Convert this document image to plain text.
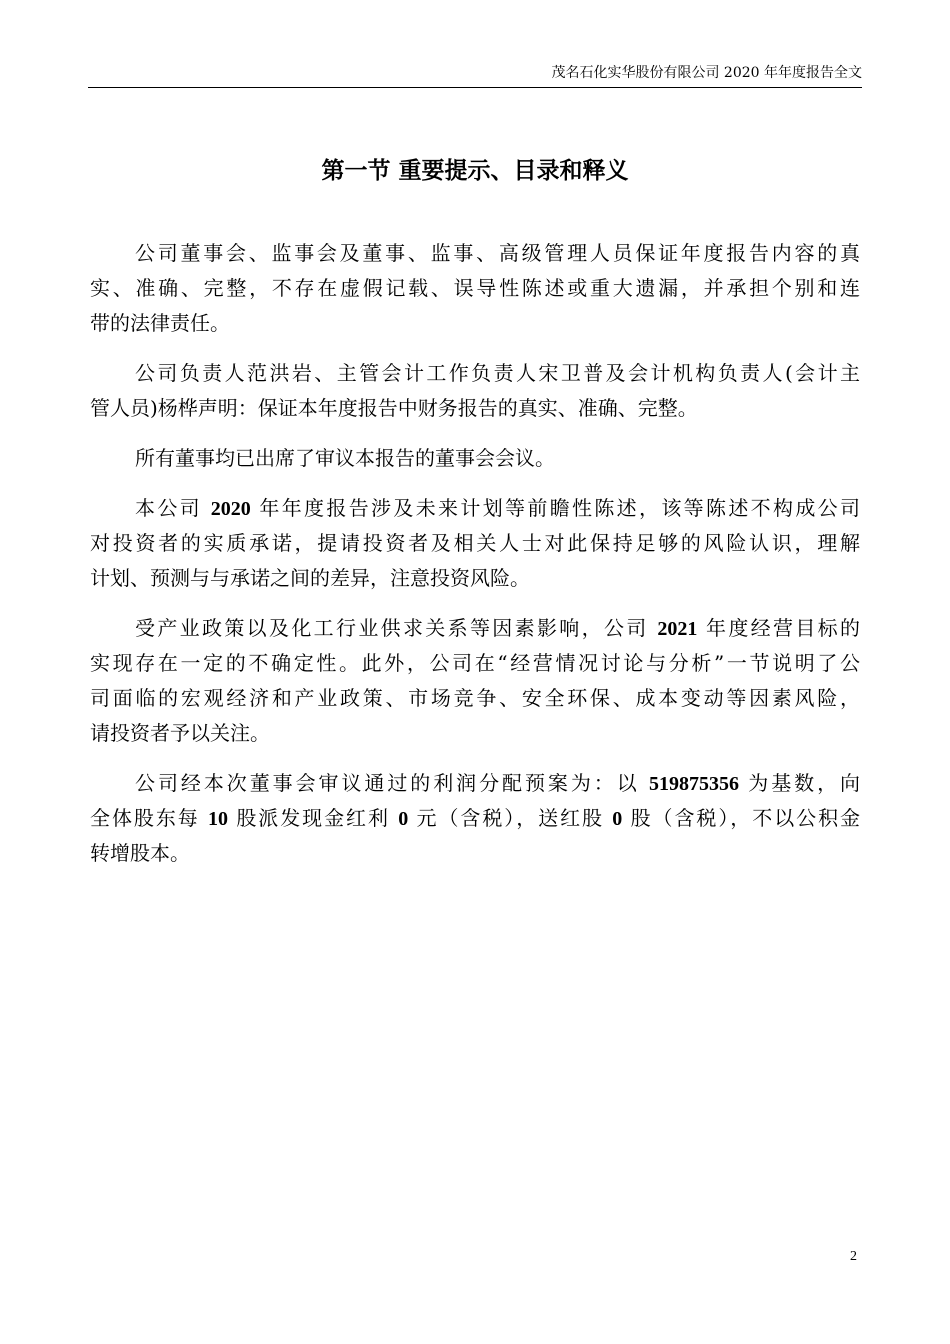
茂名石化实华股份有限公司 2020 年年度报告全文
第一节 重要提示、目录和释义
公司董事会、监事会及董事、监事、高级管理人员保证年度报告内容的真
实、准确、完整，不存在虚假记载、误导性陈述或重大遗漏，并承担个别和连
带的法律责任。
公司负责人范洪岩、主管会计工作负责人宋卫普及会计机构负责人(会计主
管人员)杨桦声明：保证本年度报告中财务报告的真实、准确、完整。
所有董事均已出席了审议本报告的董事会会议。
本公司 2020 年年度报告涉及未来计划等前瞻性陈述，该等陈述不构成公司
对投资者的实质承诺，提请投资者及相关人士对此保持足够的风险认识，理解
计划、预测与与承诺之间的差异，注意投资风险。
受产业政策以及化工行业供求关系等因素影响，公司 2021 年度经营目标的
实现存在一定的不确定性。此外，公司在“经营情况讨论与分析”一节说明了公
司面临的宏观经济和产业政策、市场竞争、安全环保、成本变动等因素风险，
请投资者予以关注。
公司经本次董事会审议通过的利润分配预案为：以 519875356 为基数，向
全体股东每 10 股派发现金红利 0 元（含税），送红股 0 股（含税），不以公积金
转增股本。
2
